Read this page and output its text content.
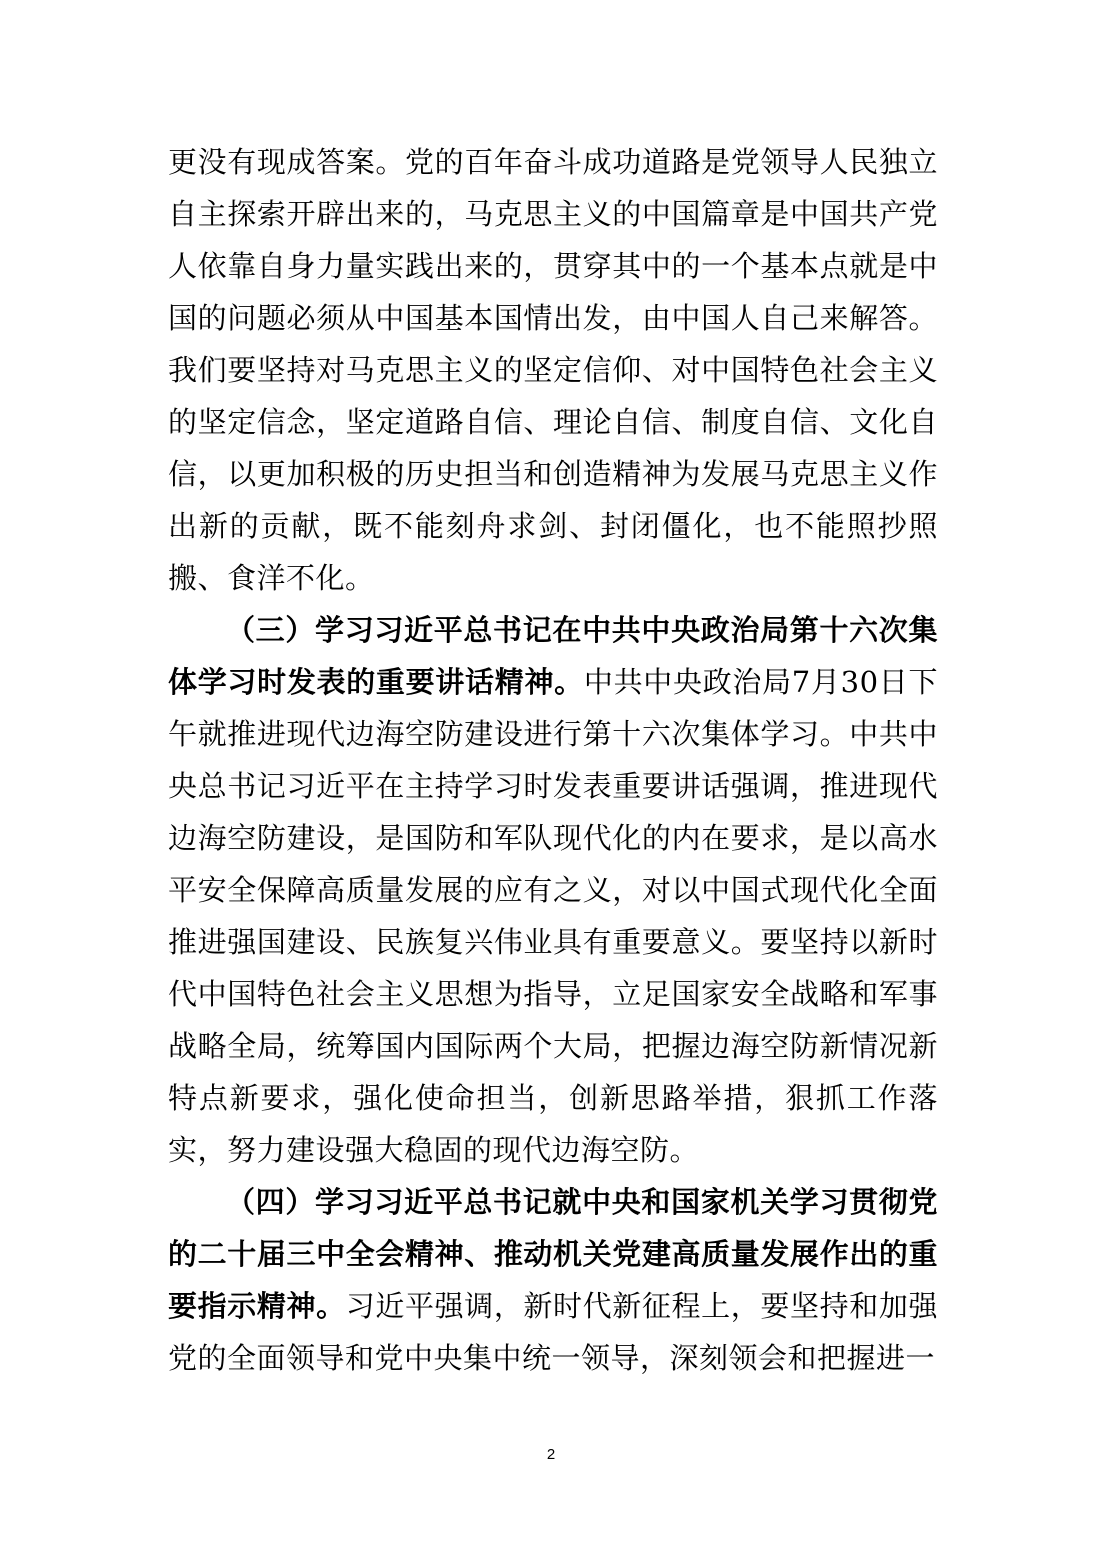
更没有现成答案。党的百年奋斗成功道路是党领导人民独立自主探索开辟出来的，马克思主义的中国篇章是中国共产党人依靠自身力量实践出来的，贯穿其中的一个基本点就是中国的问题必须从中国基本国情出发，由中国人自己来解答。我们要坚持对马克思主义的坚定信仰、对中国特色社会主义的坚定信念，坚定道路自信、理论自信、制度自信、文化自信，以更加积极的历史担当和创造精神为发展马克思主义作出新的贡献，既不能刻舟求剑、封闭僵化，也不能照抄照搬、食洋不化。

（三）学习习近平总书记在中共中央政治局第十六次集体学习时发表的重要讲话精神。中共中央政治局7月30日下午就推进现代边海空防建设进行第十六次集体学习。中共中央总书记习近平在主持学习时发表重要讲话强调，推进现代边海空防建设，是国防和军队现代化的内在要求，是以高水平安全保障高质量发展的应有之义，对以中国式现代化全面推进强国建设、民族复兴伟业具有重要意义。要坚持以新时代中国特色社会主义思想为指导，立足国家安全战略和军事战略全局，统筹国内国际两个大局，把握边海空防新情况新特点新要求，强化使命担当，创新思路举措，狠抓工作落实，努力建设强大稳固的现代边海空防。

（四）学习习近平总书记就中央和国家机关学习贯彻党的二十届三中全会精神、推动机关党建高质量发展作出的重要指示精神。习近平强调，新时代新征程上，要坚持和加强党的全面领导和党中央集中统一领导，深刻领会和把握进一

2
